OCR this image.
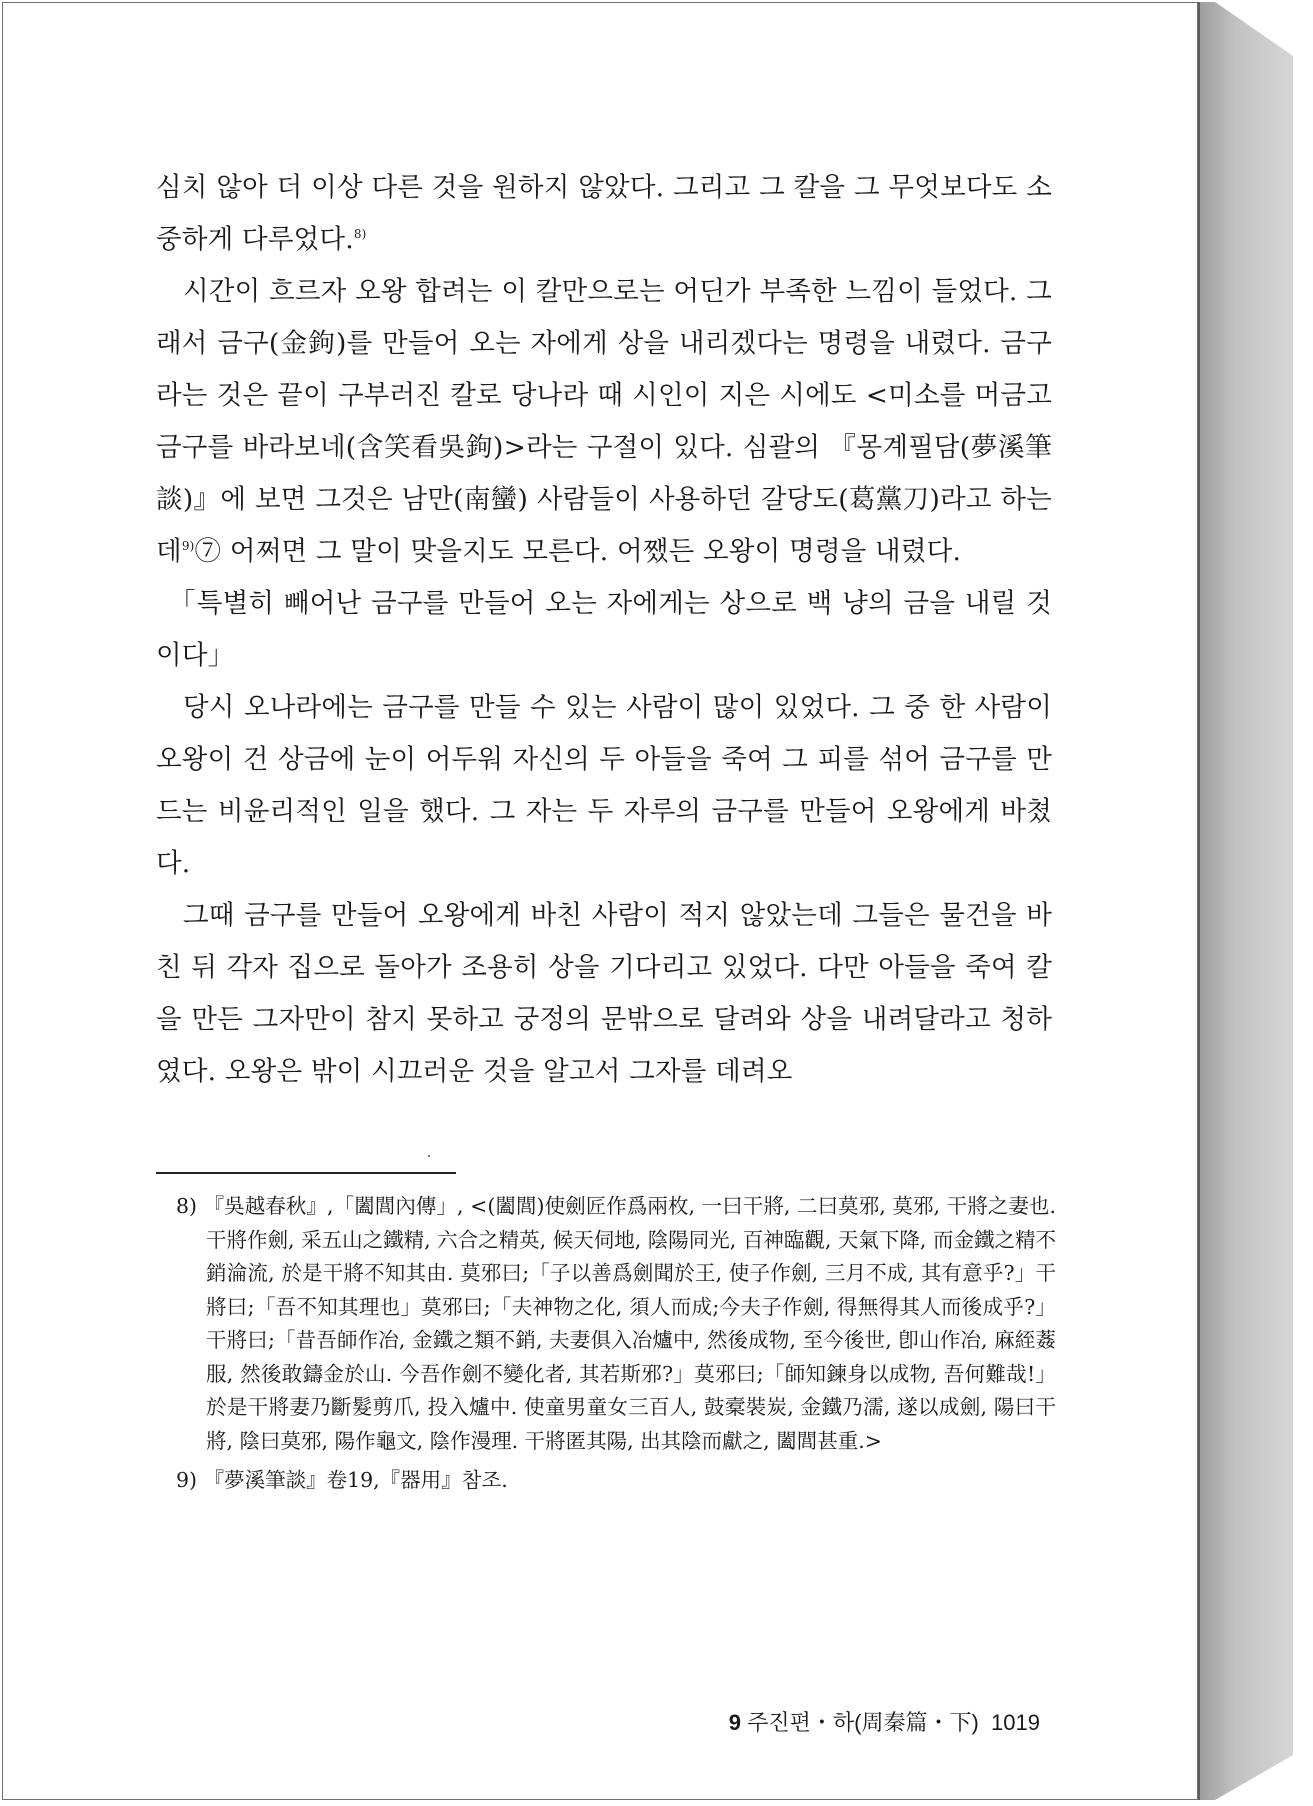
심치 않아 더 이상 다른 것을 원하지 않았다. 그리고 그 칼을 그 무엇보다도 소중하게 다루었다.$^{8)}$

시간이 흐르자 오왕 합려는 이 칼만으로는 어딘가 부족한 느낌이 들었다. 그래서 금구(金鉤)를 만들어 오는 자에게 상을 내리겠다는 명령을 내렸다. 금구라는 것은 끝이 구부러진 칼로 당나라 때 시인이 지은 시에도 <미소를 머금고 금구를 바라보네(含笑看吳鉤)>라는 구절이 있다. 심괄의 『몽계필담(夢溪筆談)』에 보면 그것은 남만(南蠻) 사람들이 사용하던 갈당도(葛黨刀)라고 하는데$^{9)}$⑦ 어쩌면 그 말이 맞을지도 모른다. 어쨌든 오왕이 명령을 내렸다.

「특별히 빼어난 금구를 만들어 오는 자에게는 상으로 백 냥의 금을 내릴 것이다」

당시 오나라에는 금구를 만들 수 있는 사람이 많이 있었다. 그 중 한 사람이 오왕이 건 상금에 눈이 어두워 자신의 두 아들을 죽여 그 피를 섞어 금구를 만드는 비윤리적인 일을 했다. 그 자는 두 자루의 금구를 만들어 오왕에게 바쳤다.

그때 금구를 만들어 오왕에게 바친 사람이 적지 않았는데 그들은 물건을 바친 뒤 각자 집으로 돌아가 조용히 상을 기다리고 있었다. 다만 아들을 죽여 칼을 만든 그자만이 참지 못하고 궁정의 문밖으로 달려와 상을 내려달라고 청하였다. 오왕은 밖이 시끄러운 것을 알고서 그자를 데려오

8) 『吳越春秋』,「闔閭內傳」, <(闔閭)使劍匠作爲兩枚, 一曰干將, 二曰莫邪, 莫邪, 干將之妻也. 干將作劍, 采五山之鐵精, 六合之精英, 候天伺地, 陰陽同光, 百神臨觀, 天氣下降, 而金鐵之精不銷淪流, 於是干將不知其由. 莫邪曰;「子以善爲劍聞於王, 使子作劍, 三月不成, 其有意乎?」干將曰;「吾不知其理也」莫邪曰;「夫神物之化, 須人而成;今夫子作劍, 得無得其人而後成乎?」干將曰;「昔吾師作冶, 金鐵之類不銷, 夫妻俱入冶爐中, 然後成物, 至今後世, 卽山作冶, 麻絰葌服, 然後敢鑄金於山. 今吾作劍不變化者, 其若斯邪?」莫邪曰;「師知鍊身以成物, 吾何難哉!」於是干將妻乃斷髮剪爪, 投入爐中. 使童男童女三百人, 鼓槖裝炭, 金鐵乃濡, 遂以成劍, 陽曰干將, 陰曰莫邪, 陽作龜文, 陰作漫理. 干將匿其陽, 出其陰而獻之, 闔閭甚重.>

9) 『夢溪筆談』卷19,『器用』참조.

9 주진편・하(周秦篇・下) 1019
